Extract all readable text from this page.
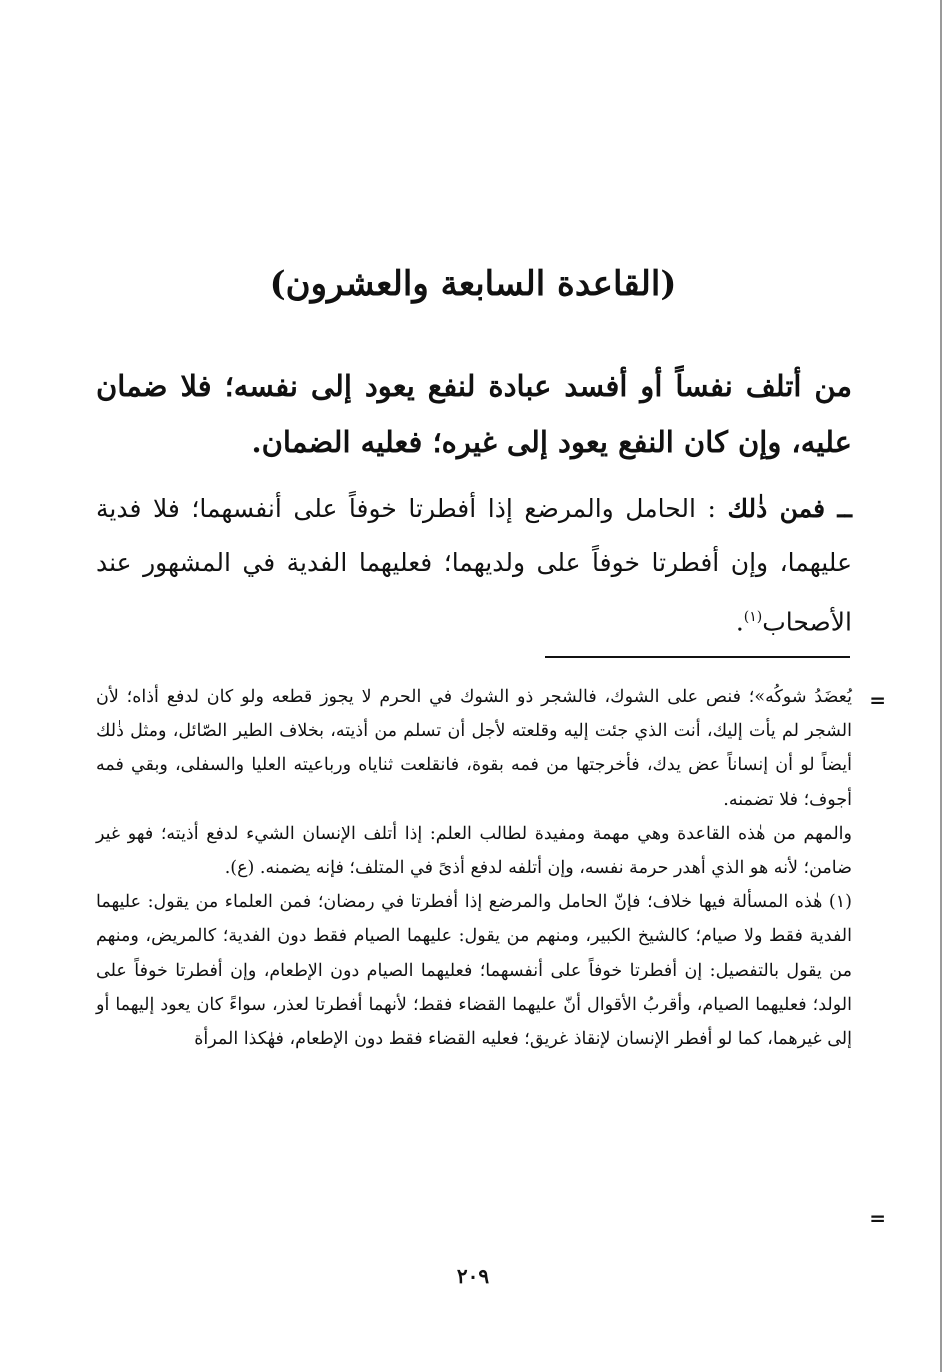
(القاعدة السابعة والعشرون)

من أتلف نفساً أو أفسد عبادة لنفع يعود إلى نفسه؛ فلا ضمان عليه، وإن كان النفع يعود إلى غيره؛ فعليه الضمان.

ــ فمن ذٰلك : الحامل والمرضع إذا أفطرتا خوفاً على أنفسهما؛ فلا فدية عليهما، وإن أفطرتا خوفاً على ولديهما؛ فعليهما الفدية في المشهور عند الأصحاب$^{(١)}$.

=

يُعضَدُ شوكُه»؛ فنص على الشوك، فالشجر ذو الشوك في الحرم لا يجوز قطعه ولو كان لدفع أذاه؛ لأن الشجر لم يأت إليك، أنت الذي جئت إليه وقلعته لأجل أن تسلم من أذيته، بخلاف الطير الصّائل، ومثل ذٰلك أيضاً لو أن إنساناً عض يدك، فأخرجتها من فمه بقوة، فانقلعت ثناياه ورباعيته العليا والسفلى، وبقي فمه أجوف؛ فلا تضمنه.

والمهم من هٰذه القاعدة وهي مهمة ومفيدة لطالب العلم: إذا أتلف الإنسان الشيء لدفع أذيته؛ فهو غير ضامن؛ لأنه هو الذي أهدر حرمة نفسه، وإن أتلفه لدفع أذىً في المتلف؛ فإنه يضمنه. (ع).

(١) هٰذه المسألة فيها خلاف؛ فإنّ الحامل والمرضع إذا أفطرتا في رمضان؛ فمن العلماء من يقول: عليهما الفدية فقط ولا صيام؛ كالشيخ الكبير، ومنهم من يقول: عليهما الصيام فقط دون الفدية؛ كالمريض، ومنهم من يقول بالتفصيل: إن أفطرتا خوفاً على أنفسهما؛ فعليهما الصيام دون الإطعام، وإن أفطرتا خوفاً على الولد؛ فعليهما الصيام، وأقربُ الأقوال أنّ عليهما القضاء فقط؛ لأنهما أفطرتا لعذر، سواءً كان يعود إليهما أو إلى غيرهما، كما لو أفطر الإنسان لإنقاذ غريق؛ فعليه القضاء فقط دون الإطعام، فهٰكذا المرأة

=
٢٠٩
